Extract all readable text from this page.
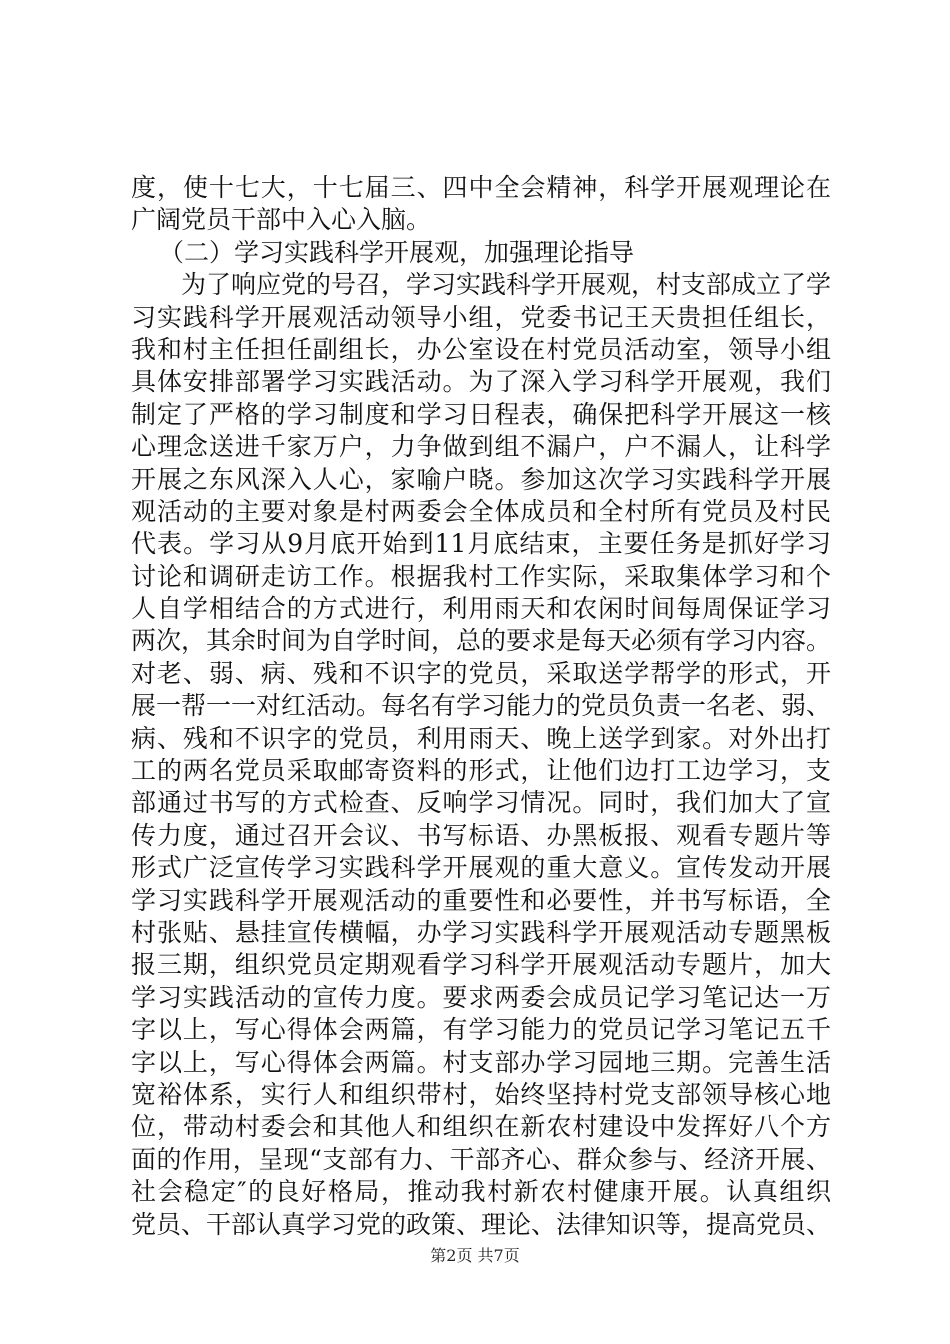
度，使十七大，十七届三、四中全会精神，科学开展观理论在
广阔党员干部中入心入脑。
（二）学习实践科学开展观，加强理论指导
为了响应党的号召，学习实践科学开展观，村支部成立了学
习实践科学开展观活动领导小组，党委书记王天贵担任组长，
我和村主任担任副组长，办公室设在村党员活动室，领导小组
具体安排部署学习实践活动。为了深入学习科学开展观，我们
制定了严格的学习制度和学习日程表，确保把科学开展这一核
心理念送进千家万户，力争做到组不漏户，户不漏人，让科学
开展之东风深入人心，家喻户晓。参加这次学习实践科学开展
观活动的主要对象是村两委会全体成员和全村所有党员及村民
代表。学习从9月底开始到11月底结束，主要任务是抓好学习
讨论和调研走访工作。根据我村工作实际，采取集体学习和个
人自学相结合的方式进行，利用雨天和农闲时间每周保证学习
两次，其余时间为自学时间，总的要求是每天必须有学习内容。
对老、弱、病、残和不识字的党员，采取送学帮学的形式，开
展一帮一一对红活动。每名有学习能力的党员负责一名老、弱、
病、残和不识字的党员，利用雨天、晚上送学到家。对外出打
工的两名党员采取邮寄资料的形式，让他们边打工边学习，支
部通过书写的方式检查、反响学习情况。同时，我们加大了宣
传力度，通过召开会议、书写标语、办黑板报、观看专题片等
形式广泛宣传学习实践科学开展观的重大意义。宣传发动开展
学习实践科学开展观活动的重要性和必要性，并书写标语，全
村张贴、悬挂宣传横幅，办学习实践科学开展观活动专题黑板
报三期，组织党员定期观看学习科学开展观活动专题片，加大
学习实践活动的宣传力度。要求两委会成员记学习笔记达一万
字以上，写心得体会两篇，有学习能力的党员记学习笔记五千
字以上，写心得体会两篇。村支部办学习园地三期。完善生活
宽裕体系，实行人和组织带村，始终坚持村党支部领导核心地
位，带动村委会和其他人和组织在新农村建设中发挥好八个方
面的作用，呈现“支部有力、干部齐心、群众参与、经济开展、
社会稳定″的良好格局，推动我村新农村健康开展。认真组织
党员、干部认真学习党的政策、理论、法律知识等，提高党员、
第2页 共7页
